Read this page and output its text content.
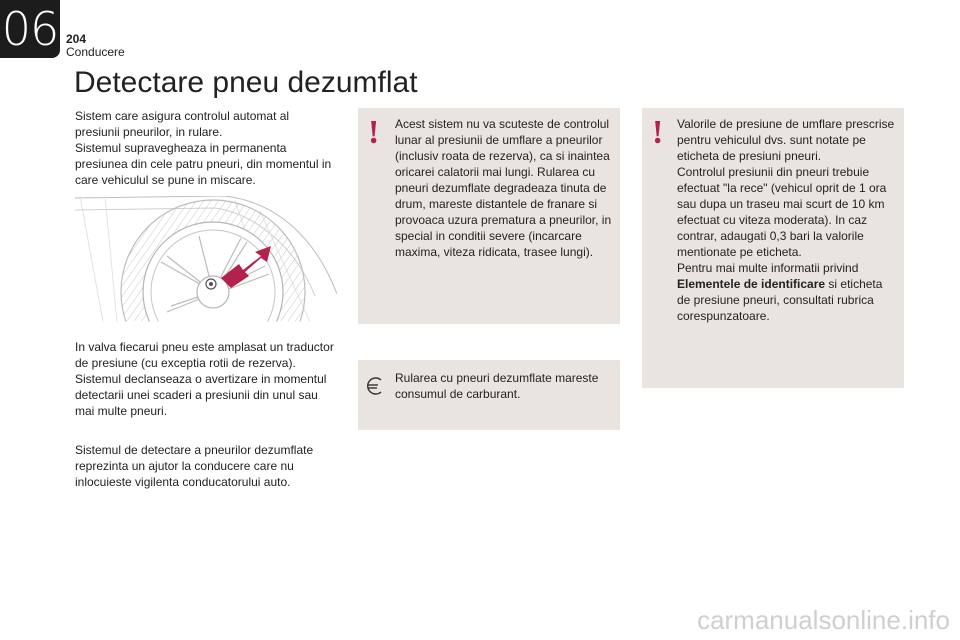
06 204
Conducere
Detectare pneu dezumflat

Sistem care asigura controlul automat al presiunii pneurilor, in rulare.

Sistemul supravegheaza in permanenta presiunea din cele patru pneuri, din momentul in care vehiculul se pune in miscare.

In valva fiecarui pneu este amplasat un traductor de presiune (cu exceptia rotii de rezerva).

Sistemul declanseaza o avertizare in momentul detectarii unei scaderi a presiunii din unul sau mai multe pneuri.

Sistemul de detectare a pneurilor dezumflate reprezinta un ajutor la conducere care nu inlocuieste vigilenta conducatorului auto.

! Acest sistem nu va scuteste de controlul lunar al presiunii de umflare a pneurilor (inclusiv roata de rezerva), ca si inaintea oricarei calatorii mai lungi. Rularea cu pneuri dezumflate degradeaza tinuta de drum, mareste distantele de franare si provoaca uzura prematura a pneurilor, in special in conditii severe (incarcare maxima, viteza ridicata, trasee lungi).

Rularea cu pneuri dezumflate mareste consumul de carburant.

! Valorile de presiune de umflare prescrise pentru vehiculul dvs. sunt notate pe eticheta de presiuni pneuri.

Controlul presiunii din pneuri trebuie efectuat "la rece" (vehicul oprit de 1 ora sau dupa un traseu mai scurt de 10 km efectuat cu viteza moderata). In caz contrar, adaugati 0,3 bari la valorile mentionate pe eticheta.

Pentru mai multe informatii privind
Elementele de identificare si eticheta de presiune pneuri, consultati rubrica corespunzatoare.

carmanualsonline.info
